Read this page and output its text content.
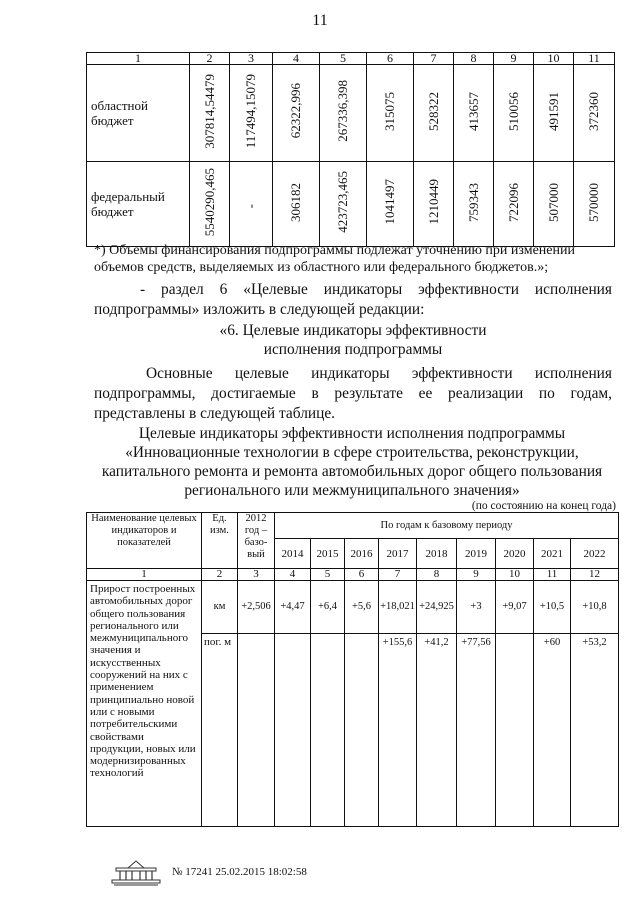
11
1	2	3	4	5	6	7	8	9	10	11
областной бюджет	307814,54479	117494,15079	62322,996	267336,398	315075	528322	413657	510056	491591	372360
федеральный бюджет	5540290,465	-	306182	423723,465	1041497	1210449	759343	722096	507000	570000
*) Объемы финансирования подпрограммы подлежат уточнению при изменении объемов средств, выделяемых из областного или федерального бюджетов.»;
- раздел 6 «Целевые индикаторы эффективности исполнения
подпрограммы» изложить в следующей редакции:
«6. Целевые индикаторы эффективности
исполнения подпрограммы
Основные целевые индикаторы эффективности исполнения
подпрограммы, достигаемые в результате ее реализации по годам,
представлены в следующей таблице.
Целевые индикаторы эффективности исполнения подпрограммы
«Инновационные технологии в сфере строительства, реконструкции,
капитального ремонта и ремонта автомобильных дорог общего пользования
регионального или межмуниципального значения»
(по состоянию на конец года)
Наименование целевых индикаторов и показателей	Ед. изм.	2012 год – базо-вый	По годам к базовому периоду								
			2014	2015	2016	2017	2018	2019	2020	2021	2022
1	2	3	4	5	6	7	8	9	10	11	12
Прирост построенных автомобильных дорог общего пользования регионального или межмуниципального значения и искусственных сооружений на них с применением принципиально новой или с новыми потребительскими свойствами продукции, новых или модернизированных технологий	км	+2,506	+4,47	+6,4	+5,6	+18,021	+24,925	+3	+9,07	+10,5	+10,8
	пог. м					+155,6	+41,2	+77,56		+60	+53,2
№ 17241 25.02.2015 18:02:58
